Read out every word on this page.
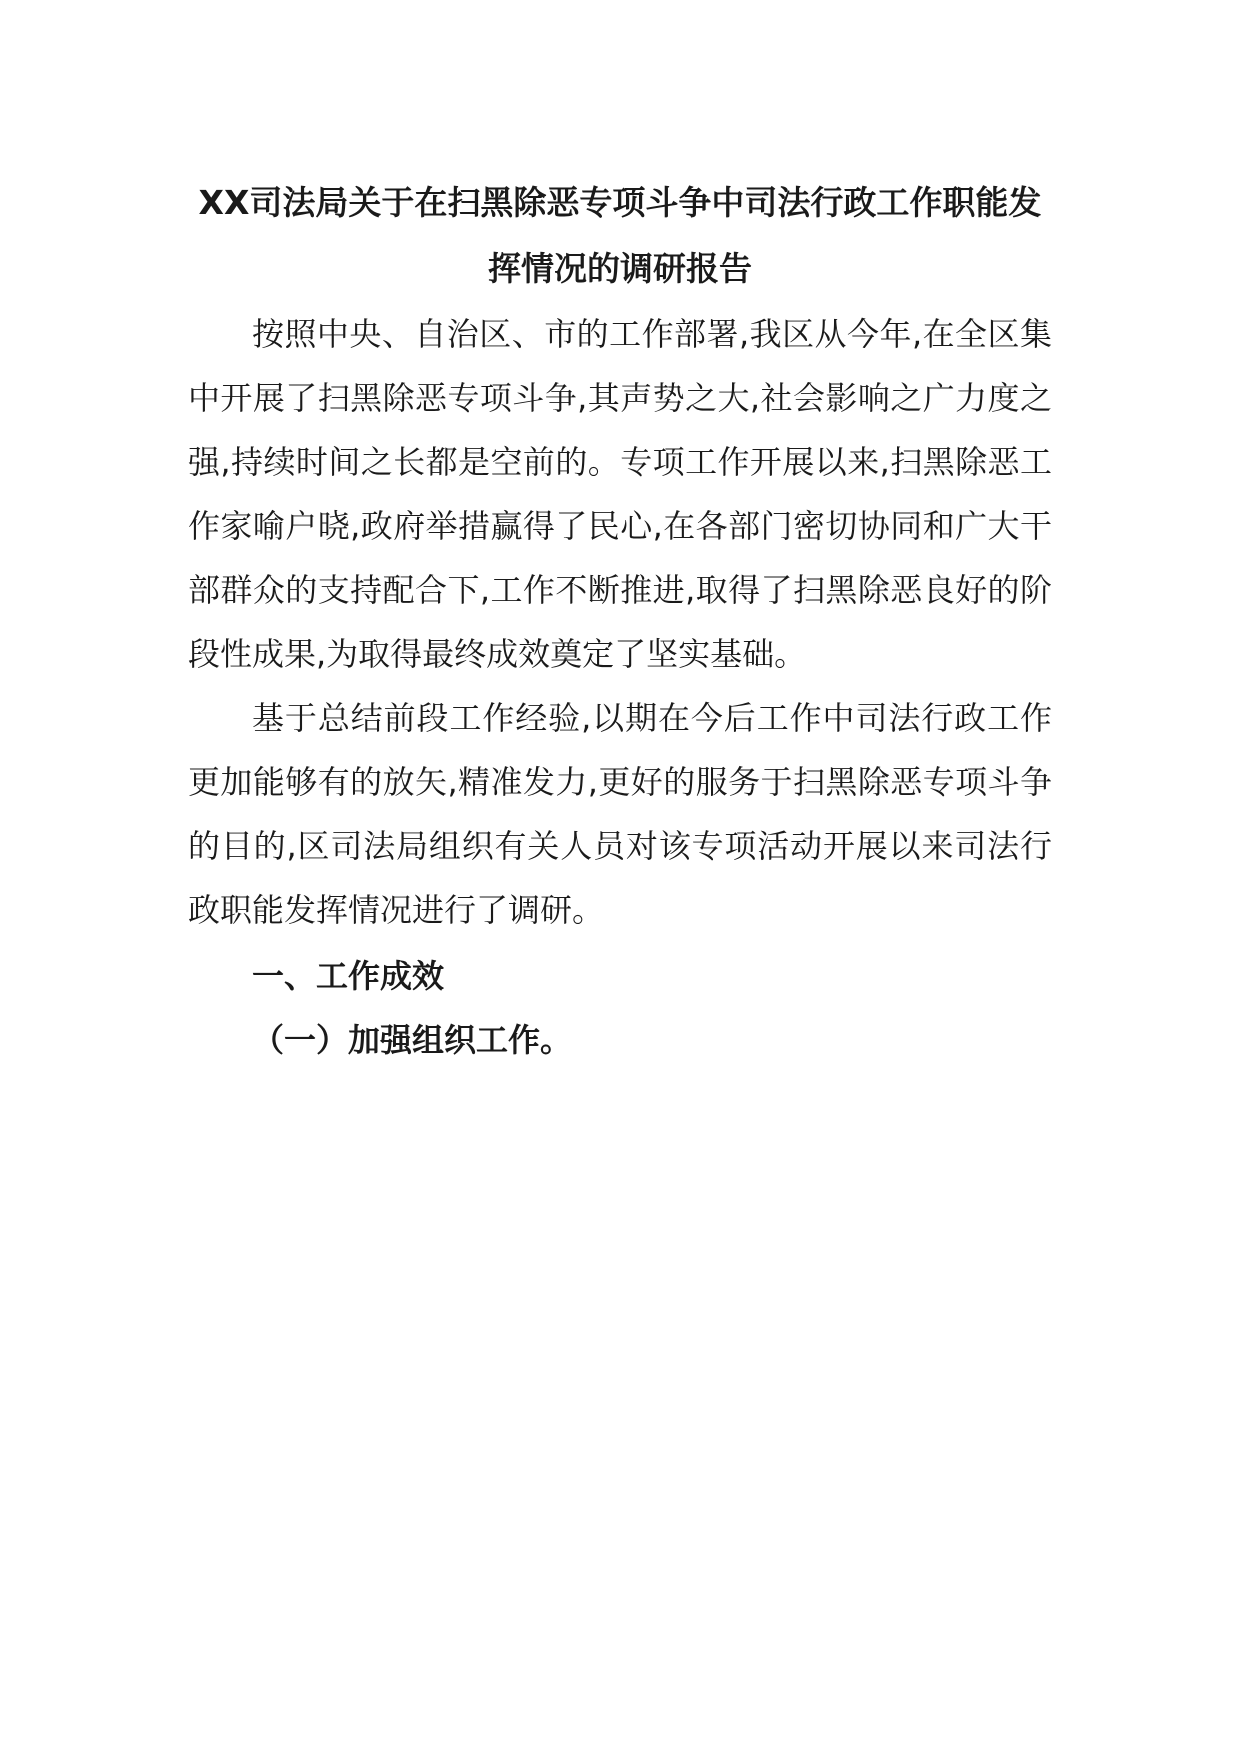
XX司法局关于在扫黑除恶专项斗争中司法行政工作职能发挥情况的调研报告

按照中央、自治区、市的工作部署,我区从今年,在全区集中开展了扫黑除恶专项斗争,其声势之大,社会影响之广力度之强,持续时间之长都是空前的。专项工作开展以来,扫黑除恶工作家喻户晓,政府举措赢得了民心,在各部门密切协同和广大干部群众的支持配合下,工作不断推进,取得了扫黑除恶良好的阶段性成果,为取得最终成效奠定了坚实基础。

基于总结前段工作经验,以期在今后工作中司法行政工作更加能够有的放矢,精准发力,更好的服务于扫黑除恶专项斗争的目的,区司法局组织有关人员对该专项活动开展以来司法行政职能发挥情况进行了调研。

一、工作成效
（一）加强组织工作。
